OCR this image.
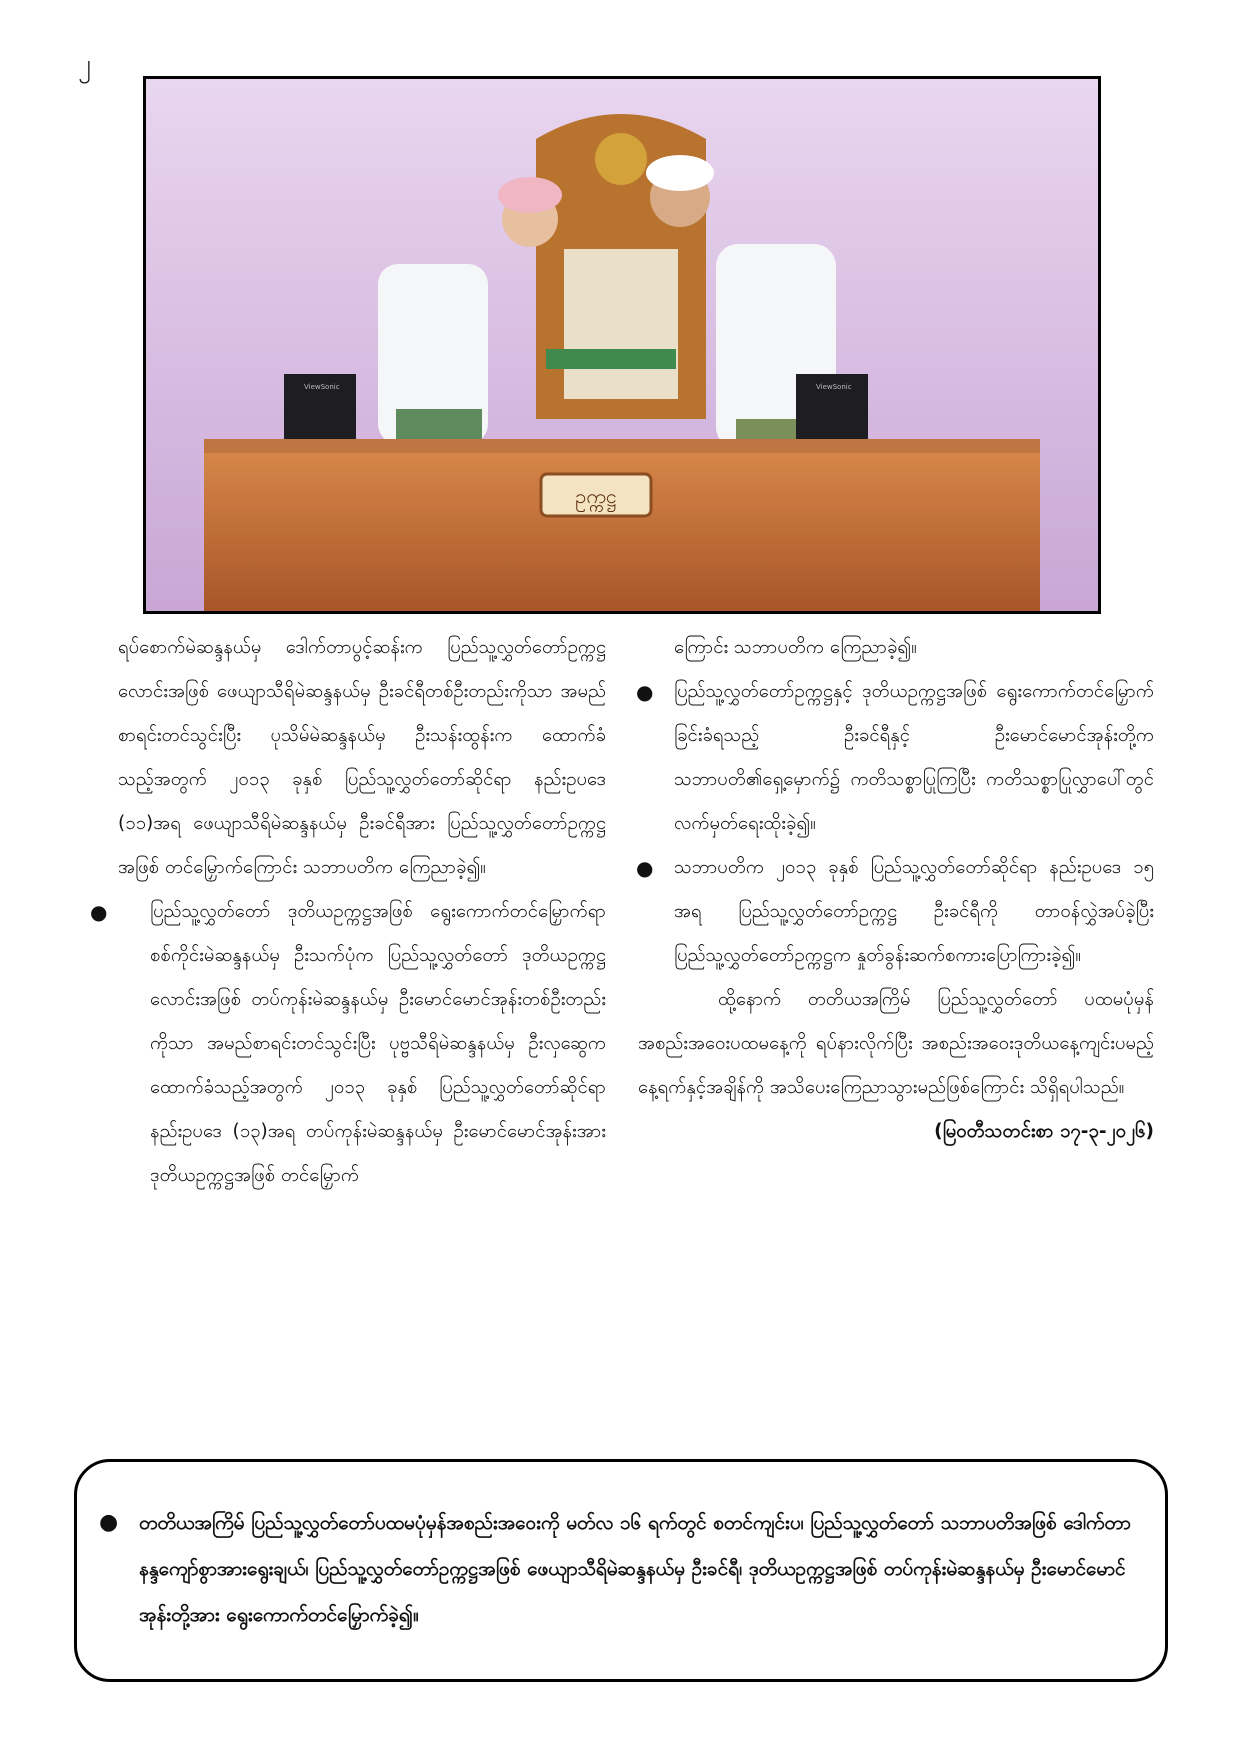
၂
ViewSonic	ViewSonic
ဥက္ကဋ္ဌ

ရပ်စောက်မဲဆန္ဒနယ်မှ ဒေါက်တာပွင့်ဆန်းက ပြည်သူ့လွှတ်တော်ဥက္ကဋ္ဌလောင်းအဖြစ် ဖေယျာသီရိမဲဆန္ဒနယ်မှ ဦးခင်ရီတစ်ဦးတည်းကိုသာ အမည်စာရင်းတင်သွင်းပြီး ပုသိမ်မဲဆန္ဒနယ်မှ ဦးသန်းထွန်းက ထောက်ခံသည့်အတွက် ၂၀၁၃ ခုနှစ် ပြည်သူ့လွှတ်တော်ဆိုင်ရာ နည်းဥပဒေ (၁၁)အရ ဖေယျာသီရိမဲဆန္ဒနယ်မှ ဦးခင်ရီအား ပြည်သူ့လွှတ်တော်ဥက္ကဋ္ဌအဖြစ် တင်မြှောက်ကြောင်း သဘာပတိက ကြေညာခဲ့၍။

● ပြည်သူ့လွှတ်တော် ဒုတိယဥက္ကဋ္ဌအဖြစ် ရွေးကောက်တင်မြှောက်ရာ စစ်ကိုင်းမဲဆန္ဒနယ်မှ ဦးသက်ပုံက ပြည်သူ့လွှတ်တော် ဒုတိယဥက္ကဋ္ဌလောင်းအဖြစ် တပ်ကုန်းမဲဆန္ဒနယ်မှ ဦးမောင်မောင်အုန်းတစ်ဦးတည်းကိုသာ အမည်စာရင်းတင်သွင်းပြီး ပုဗ္ဗသီရိမဲဆန္ဒနယ်မှ ဦးလှဆွေက ထောက်ခံသည့်အတွက် ၂၀၁၃ ခုနှစ် ပြည်သူ့လွှတ်တော်ဆိုင်ရာနည်းဥပဒေ (၁၃)အရ တပ်ကုန်းမဲဆန္ဒနယ်မှ ဦးမောင်မောင်အုန်းအား ဒုတိယဥက္ကဋ္ဌအဖြစ် တင်မြှောက်

ကြောင်း သဘာပတိက ကြေညာခဲ့၍။

● ပြည်သူ့လွှတ်တော်ဥက္ကဋ္ဌနှင့် ဒုတိယဥက္ကဋ္ဌအဖြစ် ရွေးကောက်တင်မြှောက်ခြင်းခံရသည့် ဦးခင်ရီနှင့် ဦးမောင်မောင်အုန်းတို့က သဘာပတိ၏ရှေ့မှောက်၌ ကတိသစ္စာပြုကြပြီး ကတိသစ္စာပြုလွှာပေါ်တွင် လက်မှတ်ရေးထိုးခဲ့၍။
● သဘာပတိက ၂၀၁၃ ခုနှစ် ပြည်သူ့လွှတ်တော်ဆိုင်ရာ နည်းဥပဒေ ၁၅ အရ ပြည်သူ့လွှတ်တော်ဥက္ကဋ္ဌ ဦးခင်ရီကို တာဝန်လွှဲအပ်ခဲ့ပြီး ပြည်သူ့လွှတ်တော်ဥက္ကဋ္ဌက နှုတ်ခွန်းဆက်စကားပြောကြားခဲ့၍။

ထို့နောက် တတိယအကြိမ် ပြည်သူ့လွှတ်တော် ပထမပုံမှန်အစည်းအဝေးပထမနေ့ကို ရပ်နားလိုက်ပြီး အစည်းအဝေးဒုတိယနေ့ကျင်းပမည့် နေ့ရက်နှင့်အချိန်ကို အသိပေးကြေညာသွားမည်ဖြစ်ကြောင်း သိရှိရပါသည်။

(မြဝတီသတင်းစာ ၁၇-၃-၂၀၂၆)

● တတိယအကြိမ် ပြည်သူ့လွှတ်တော်ပထမပုံမှန်အစည်းအဝေးကို မတ်လ ၁၆ ရက်တွင် စတင်ကျင်းပ၊ ပြည်သူ့လွှတ်တော် သဘာပတိအဖြစ် ဒေါက်တာနန္ဒကျော်စွာအားရွေးချယ်၊ ပြည်သူ့လွှတ်တော်ဥက္ကဋ္ဌအဖြစ် ဖေယျာသီရိမဲဆန္ဒနယ်မှ ဦးခင်ရီ၊ ဒုတိယဥက္ကဋ္ဌအဖြစ် တပ်ကုန်းမဲဆန္ဒနယ်မှ ဦးမောင်မောင်အုန်းတို့အား ရွေးကောက်တင်မြှောက်ခဲ့၍။
